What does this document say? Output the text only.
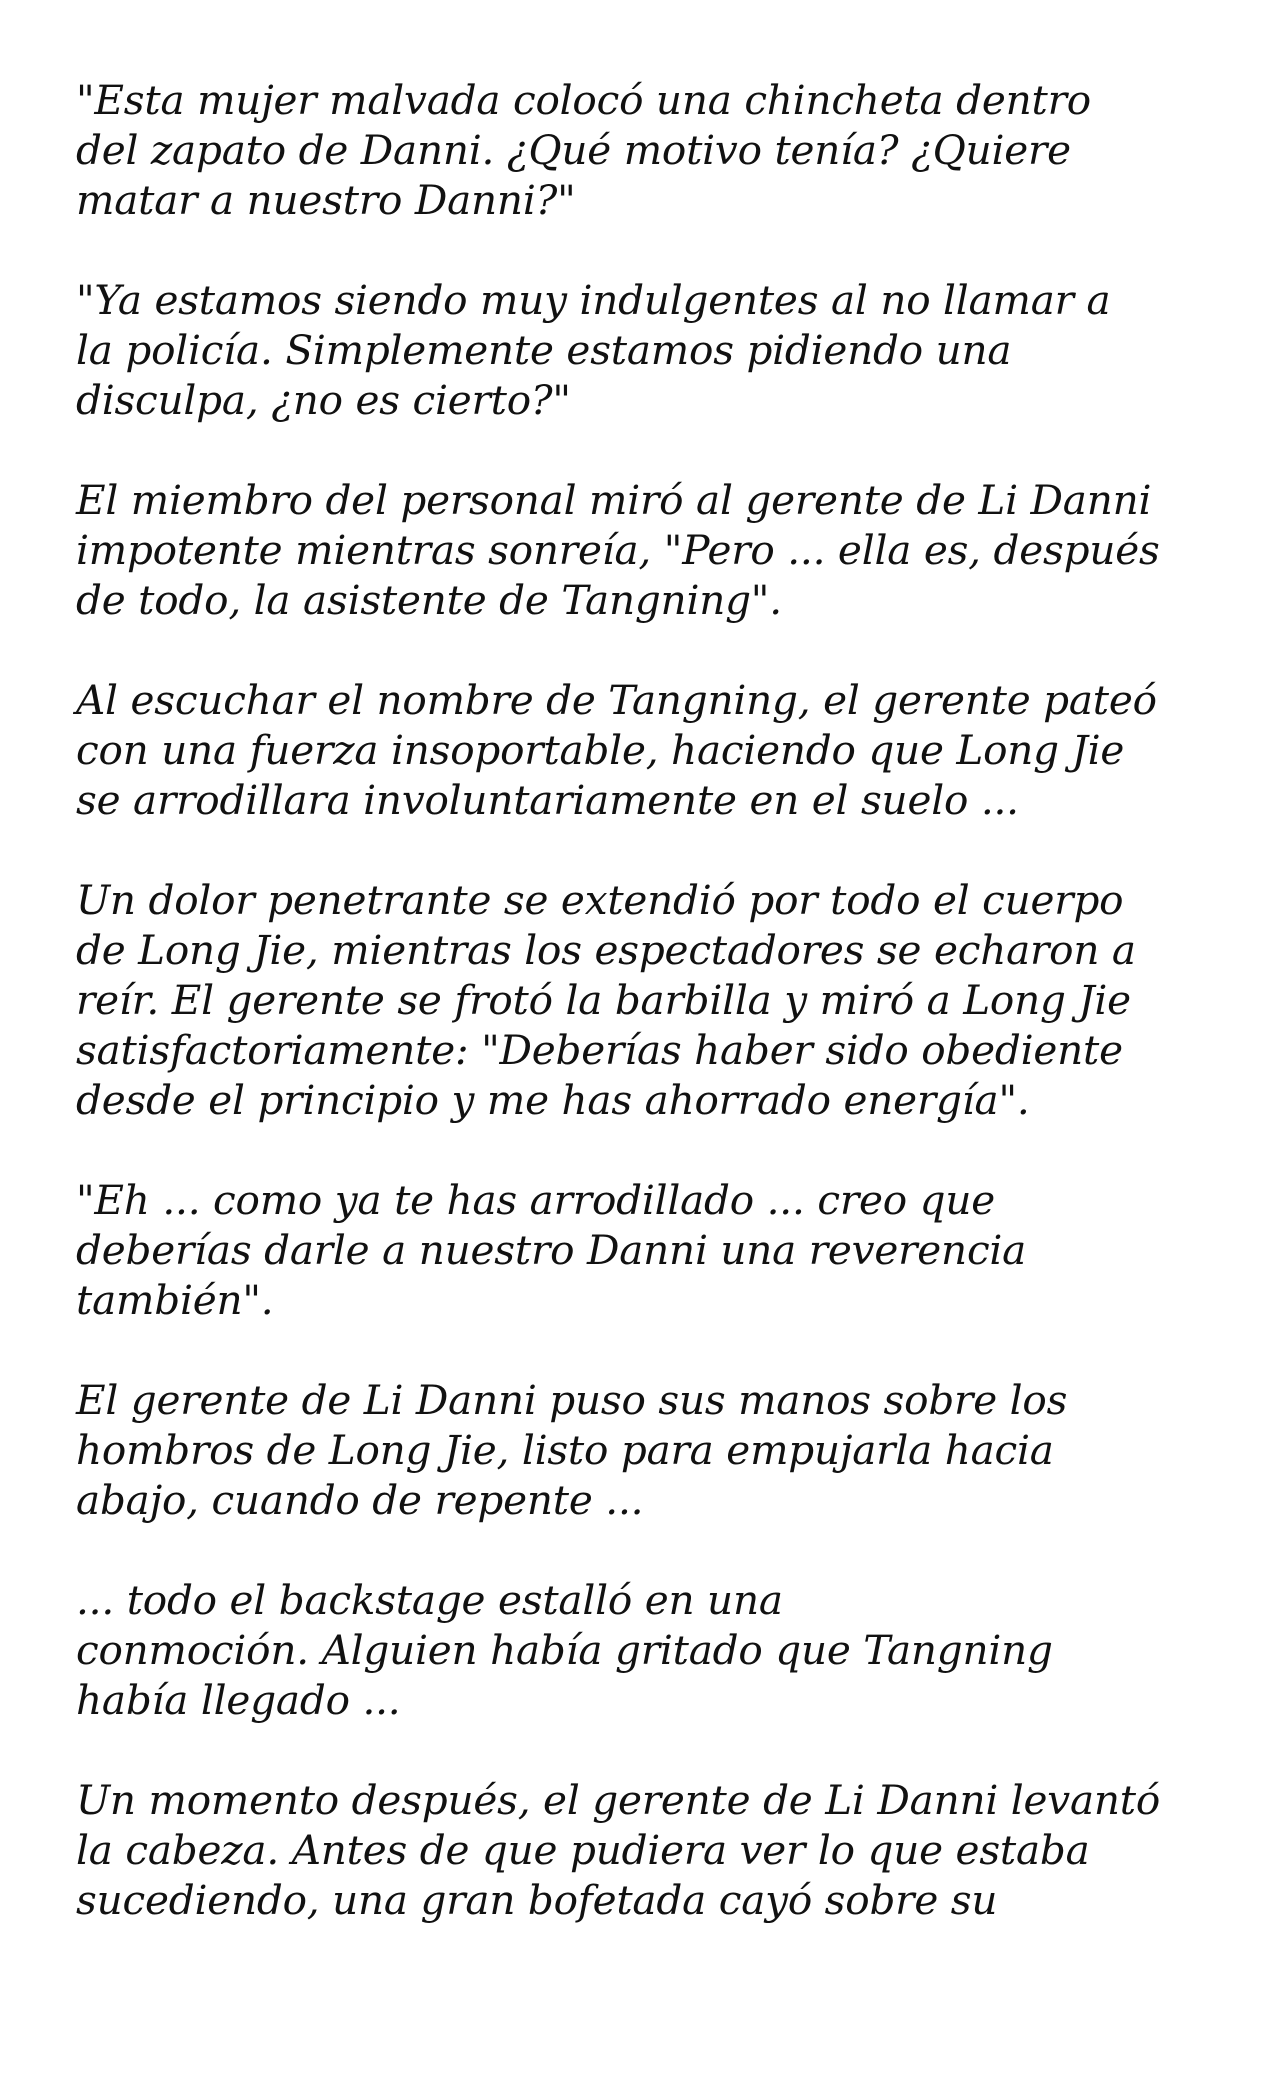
"Esta mujer malvada colocó una chincheta dentro
del zapato de Danni. ¿Qué motivo tenía? ¿Quiere
matar a nuestro Danni?"

"Ya estamos siendo muy indulgentes al no llamar a
la policía. Simplemente estamos pidiendo una
disculpa, ¿no es cierto?"

El miembro del personal miró al gerente de Li Danni
impotente mientras sonreía, "Pero ... ella es, después
de todo, la asistente de Tangning".

Al escuchar el nombre de Tangning, el gerente pateó
con una fuerza insoportable, haciendo que Long Jie
se arrodillara involuntariamente en el suelo ...

Un dolor penetrante se extendió por todo el cuerpo
de Long Jie, mientras los espectadores se echaron a
reír. El gerente se frotó la barbilla y miró a Long Jie
satisfactoriamente: "Deberías haber sido obediente
desde el principio y me has ahorrado energía".

"Eh ... como ya te has arrodillado ... creo que
deberías darle a nuestro Danni una reverencia
también".

El gerente de Li Danni puso sus manos sobre los
hombros de Long Jie, listo para empujarla hacia
abajo, cuando de repente ...

... todo el backstage estalló en una
conmoción. Alguien había gritado que Tangning
había llegado ...

Un momento después, el gerente de Li Danni levantó
la cabeza. Antes de que pudiera ver lo que estaba
sucediendo, una gran bofetada cayó sobre su
